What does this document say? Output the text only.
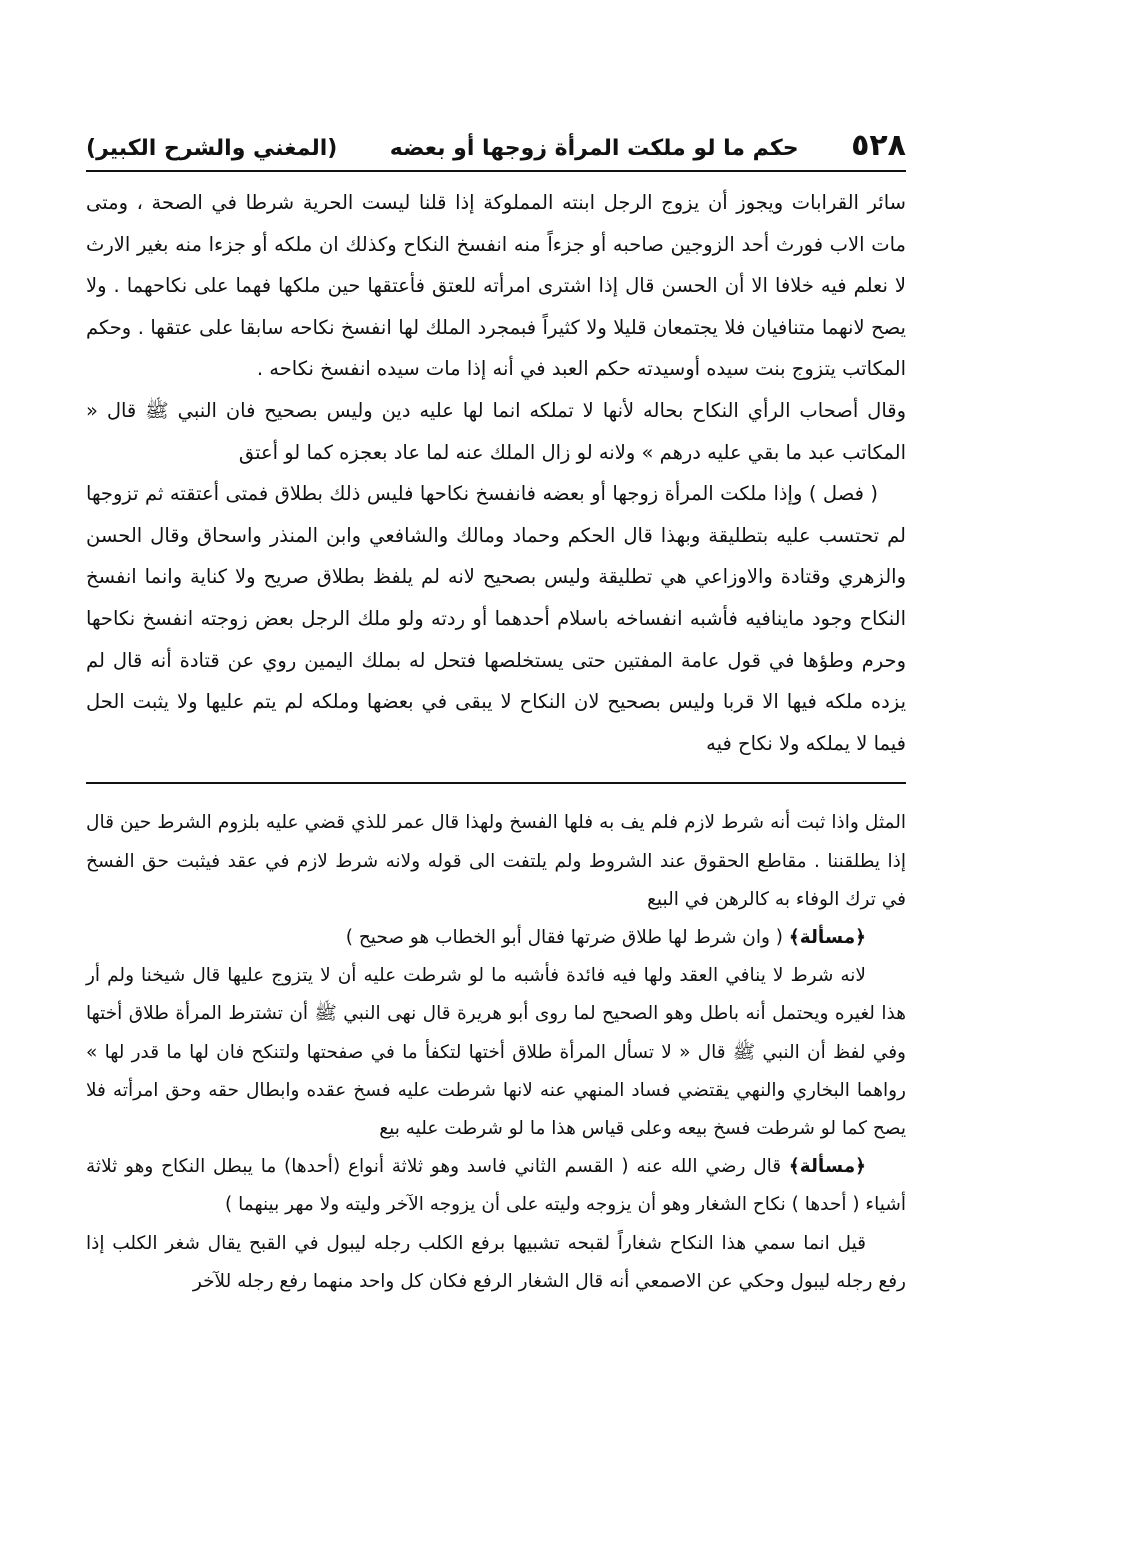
٥٢٨
حكم ما لو ملكت المرأة زوجها أو بعضه
(المغني والشرح الكبير)

سائر القرابات ويجوز أن يزوج الرجل ابنته المملوكة إذا قلنا ليست الحرية شرطا في الصحة ، ومتى مات الاب فورث أحد الزوجين صاحبه أو جزءاً منه انفسخ النكاح وكذلك ان ملكه أو جزءا منه بغير الارث لا نعلم فيه خلافا الا أن الحسن قال إذا اشترى امرأته للعتق فأعتقها حين ملكها فهما على نكاحهما . ولا يصح لانهما متنافيان فلا يجتمعان قليلا ولا كثيراً فبمجرد الملك لها انفسخ نكاحه سابقا على عتقها . وحكم المكاتب يتزوج بنت سيده أوسيدته حكم العبد في أنه إذا مات سيده انفسخ نكاحه .

وقال أصحاب الرأي النكاح بحاله لأنها لا تملكه انما لها عليه دين وليس بصحيح فان النبي ﷺ قال « المكاتب عبد ما بقي عليه درهم » ولانه لو زال الملك عنه لما عاد بعجزه كما لو أعتق

( فصل ) وإذا ملكت المرأة زوجها أو بعضه فانفسخ نكاحها فليس ذلك بطلاق فمتى أعتقته ثم تزوجها لم تحتسب عليه بتطليقة وبهذا قال الحكم وحماد ومالك والشافعي وابن المنذر واسحاق وقال الحسن والزهري وقتادة والاوزاعي هي تطليقة وليس بصحيح لانه لم يلفظ بطلاق صريح ولا كناية وانما انفسخ النكاح وجود ماينافيه فأشبه انفساخه باسلام أحدهما أو ردته ولو ملك الرجل بعض زوجته انفسخ نكاحها وحرم وطؤها في قول عامة المفتين حتى يستخلصها فتحل له بملك اليمين روي عن قتادة أنه قال لم يزده ملكه فيها الا قربا وليس بصحيح لان النكاح لا يبقى في بعضها وملكه لم يتم عليها ولا يثبت الحل فيما لا يملكه ولا نكاح فيه

المثل واذا ثبت أنه شرط لازم فلم يف به فلها الفسخ ولهذا قال عمر للذي قضي عليه بلزوم الشرط حين قال إذا يطلقننا . مقاطع الحقوق عند الشروط ولم يلتفت الى قوله ولانه شرط لازم في عقد فيثبت حق الفسخ في ترك الوفاء به كالرهن في البيع

﴿مسألة﴾ ( وان شرط لها طلاق ضرتها فقال أبو الخطاب هو صحيح )

لانه شرط لا ينافي العقد ولها فيه فائدة فأشبه ما لو شرطت عليه أن لا يتزوج عليها قال شيخنا ولم أر هذا لغيره ويحتمل أنه باطل وهو الصحيح لما روى أبو هريرة قال نهى النبي ﷺ أن تشترط المرأة طلاق أختها وفي لفظ أن النبي ﷺ قال « لا تسأل المرأة طلاق أختها لتكفأ ما في صفحتها ولتنكح فان لها ما قدر لها » رواهما البخاري والنهي يقتضي فساد المنهي عنه لانها شرطت عليه فسخ عقده وابطال حقه وحق امرأته فلا يصح كما لو شرطت فسخ بيعه وعلى قياس هذا ما لو شرطت عليه بيع

﴿مسألة﴾ قال رضي الله عنه ( القسم الثاني فاسد وهو ثلاثة أنواع (أحدها) ما يبطل النكاح وهو ثلاثة أشياء ( أحدها ) نكاح الشغار وهو أن يزوجه وليته على أن يزوجه الآخر وليته ولا مهر بينهما )

قيل انما سمي هذا النكاح شغاراً لقبحه تشبيها برفع الكلب رجله ليبول في القبح يقال شغر الكلب إذا رفع رجله ليبول وحكي عن الاصمعي أنه قال الشغار الرفع فكان كل واحد منهما رفع رجله للآخر
